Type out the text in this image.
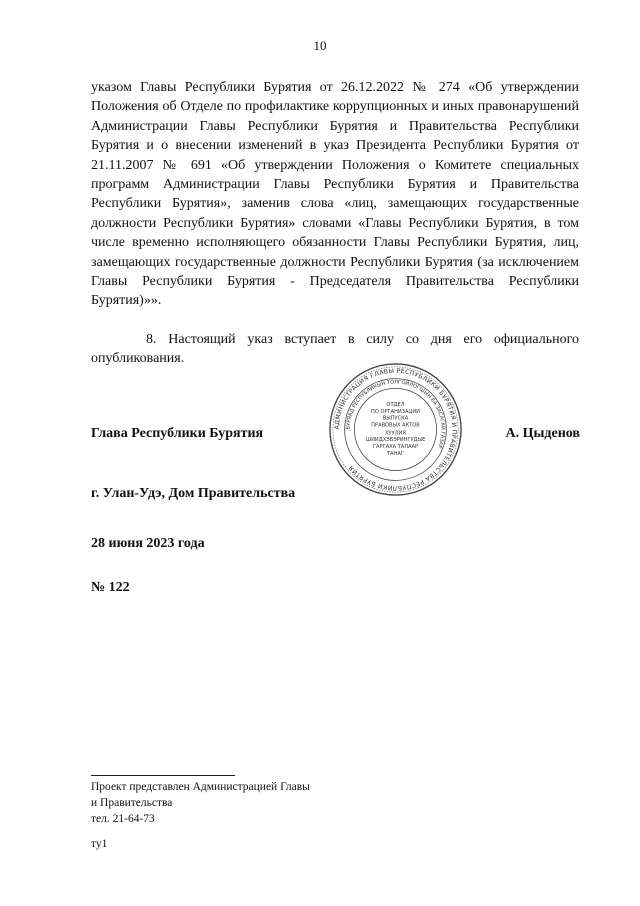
10

указом Главы Республики Бурятия от 26.12.2022 № 274 «Об утверждении Положения об Отделе по профилактике коррупционных и иных правонарушений Администрации Главы Республики Бурятия и Правительства Республики Бурятия и о внесении изменений в указ Президента Республики Бурятия от 21.11.2007 № 691 «Об утверждении Положения о Комитете специальных программ Администрации Главы Республики Бурятия и Правительства Республики Бурятия», заменив слова «лиц, замещающих государственные должности Республики Бурятия» словами «Главы Республики Бурятия, в том числе временно исполняющего обязанности Главы Республики Бурятия, лиц, замещающих государственные должности Республики Бурятия (за исключением Главы Республики Бурятия - Председателя Правительства Республики Бурятия)»».

8. Настоящий указ вступает в силу со дня его официального опубликования.

АДМИНИСТРАЦИЯ ГЛАВЫ РЕСПУБЛИКИ БУРЯТИЯ И ПРАВИТЕЛЬСТВА РЕСПУБЛИКИ БУРЯТИЯ
БУРЯАД РЕСПУБЛИКЫН ТОЛГОЙЛОГШЫН БА ЗАСАГАЙ ГАЗАР
ОТДЕЛ
ПО ОРГАНИЗАЦИИ
ВЫПУСКА
ПРАВОВЫХ АКТОВ
ХУУЛИЯ
ШИИДХЭБЭРИНГУДЫЕ
ГАРГАХА ТАЛААР
ТАНАГ
Глава Республики Бурятия	А. Цыденов
г. Улан-Удэ, Дом Правительства
28 июня 2023 года
№ 122
Проект представлен Администрацией Главы
и Правительства
тел. 21-64-73
ту1
